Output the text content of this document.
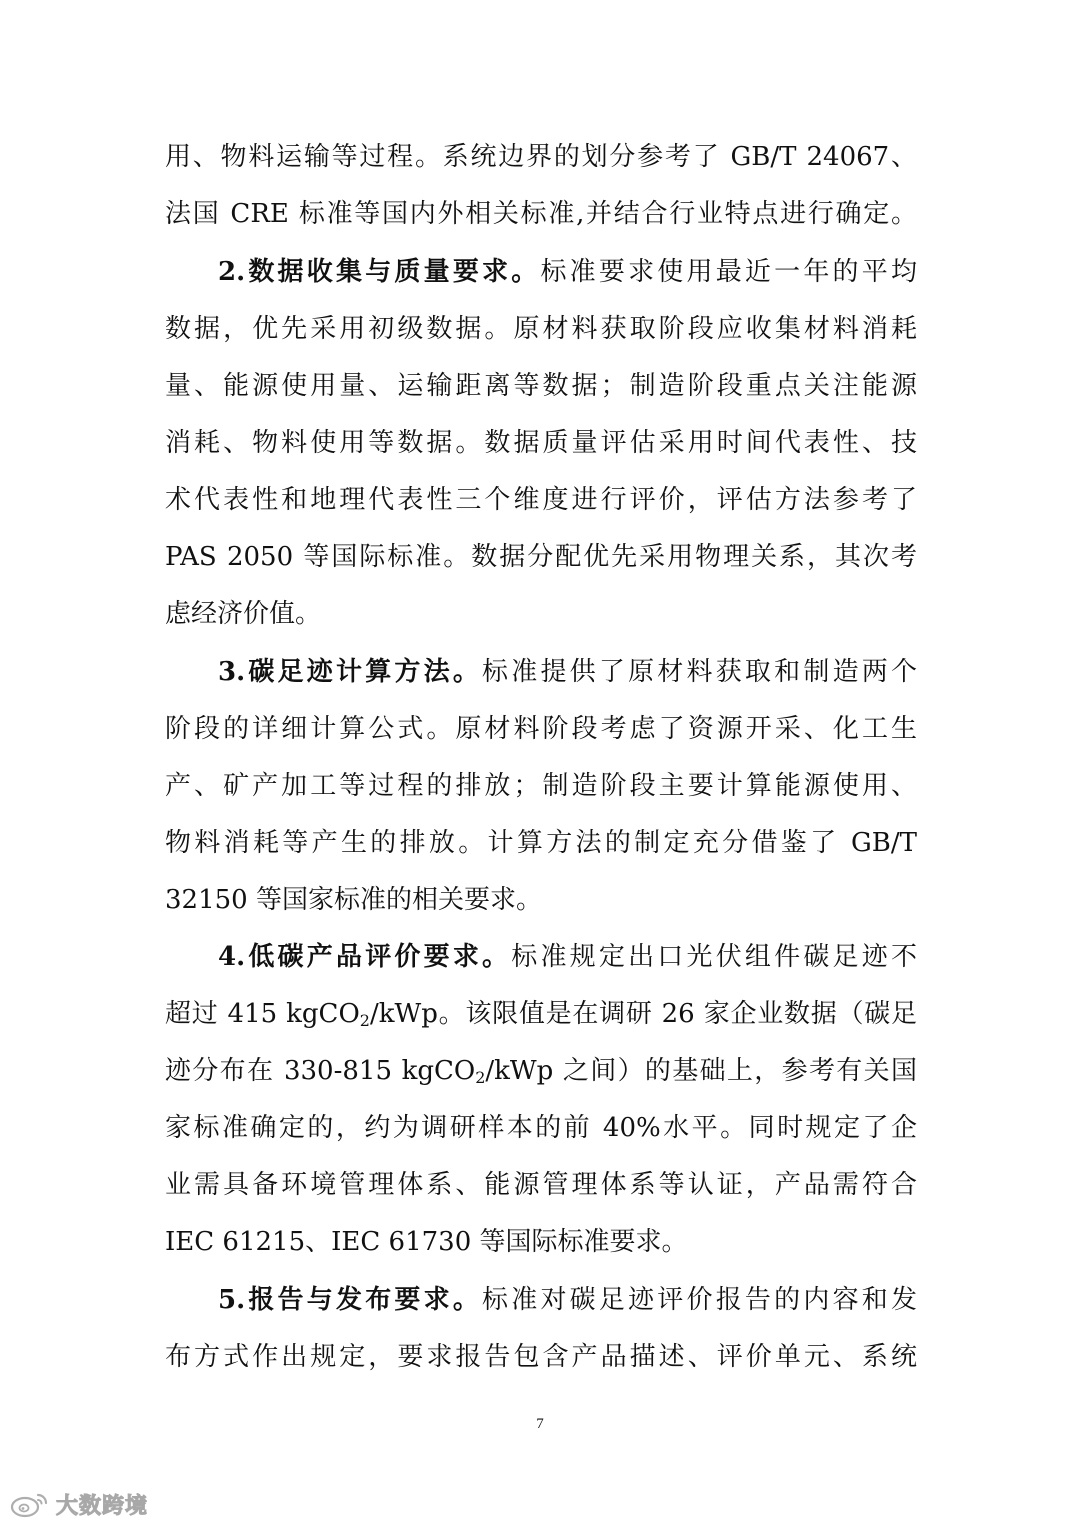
用、物料运输等过程。系统边界的划分参考了 GB/T 24067、
法国 CRE 标准等国内外相关标准,并结合行业特点进行确定。
2.数据收集与质量要求。标准要求使用最近一年的平均
数据，优先采用初级数据。原材料获取阶段应收集材料消耗
量、能源使用量、运输距离等数据；制造阶段重点关注能源
消耗、物料使用等数据。数据质量评估采用时间代表性、技
术代表性和地理代表性三个维度进行评价，评估方法参考了
PAS 2050 等国际标准。数据分配优先采用物理关系，其次考
虑经济价值。
3.碳足迹计算方法。标准提供了原材料获取和制造两个
阶段的详细计算公式。原材料阶段考虑了资源开采、化工生
产、矿产加工等过程的排放；制造阶段主要计算能源使用、
物料消耗等产生的排放。计算方法的制定充分借鉴了 GB/T
32150 等国家标准的相关要求。
4.低碳产品评价要求。标准规定出口光伏组件碳足迹不
超过 415 kgCO$_2$/kWp。该限值是在调研 26 家企业数据（碳足
迹分布在 330-815 kgCO$_2$/kWp 之间）的基础上，参考有关国
家标准确定的，约为调研样本的前 40%水平。同时规定了企
业需具备环境管理体系、能源管理体系等认证，产品需符合
IEC 61215、IEC 61730 等国际标准要求。
5.报告与发布要求。标准对碳足迹评价报告的内容和发
布方式作出规定，要求报告包含产品描述、评价单元、系统
7
大数跨境
